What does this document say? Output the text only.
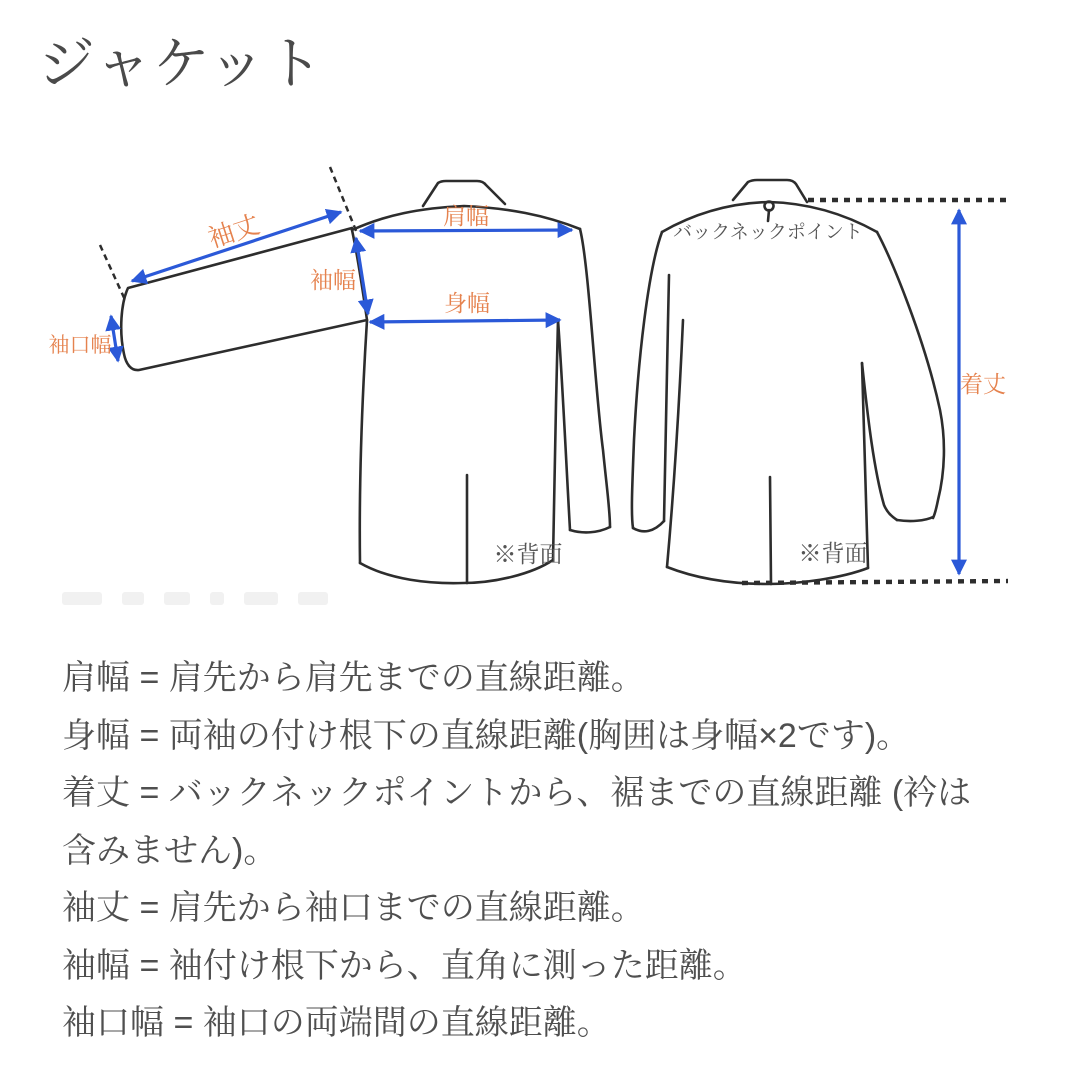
ジャケット
袖丈
袖幅
袖口幅
肩幅
身幅
着丈
バックネックポイント
※背面	※背面
肩幅 = 肩先から肩先までの直線距離。
身幅 = 両袖の付け根下の直線距離(胸囲は身幅×2です)。
着丈 = バックネックポイントから、裾までの直線距離 (衿は
含みません)。
袖丈 = 肩先から袖口までの直線距離。
袖幅 = 袖付け根下から、直角に測った距離。
袖口幅 = 袖口の両端間の直線距離。
